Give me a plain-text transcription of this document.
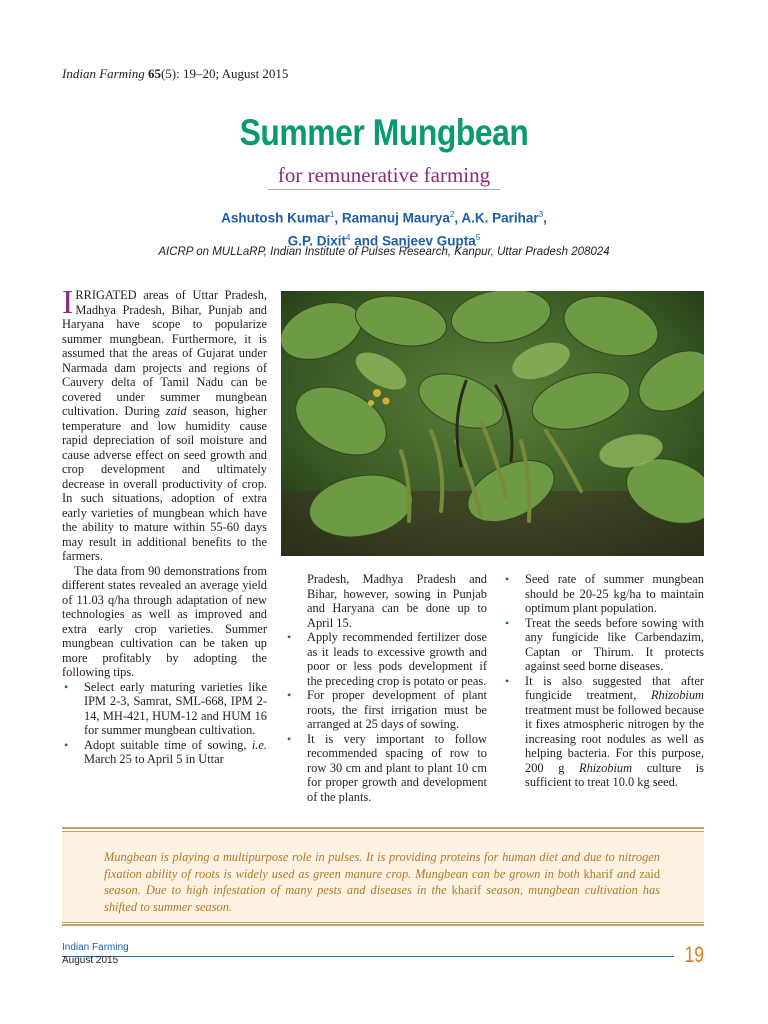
Indian Farming 65(5): 19–20; August 2015
Summer Mungbean
for remunerative farming
Ashutosh Kumar$^1$, Ramanuj Maurya$^2$, A.K. Parihar$^3$,
G.P. Dixit$^4$ and Sanjeev Gupta$^5$
AICRP on MULLaRP, Indian Institute of Pulses Research, Kanpur, Uttar Pradesh 208024

IRRIGATED areas of Uttar Pradesh, Madhya Pradesh, Bihar, Punjab and Haryana have scope to popularize summer mungbean. Furthermore, it is assumed that the areas of Gujarat under Narmada dam projects and regions of Cauvery delta of Tamil Nadu can be covered under summer mungbean cultivation. During zaid season, higher temperature and low humidity cause rapid depreciation of soil moisture and cause adverse effect on seed growth and crop development and ultimately decrease in overall productivity of crop. In such situations, adoption of extra early varieties of mungbean which have the ability to mature within 55-60 days may result in additional benefits to the farmers.

The data from 90 demonstrations from different states revealed an average yield of 11.03 q/ha through adaptation of new technologies as well as improved and extra early crop varieties. Summer mungbean cultivation can be taken up more profitably by adopting the following tips.

• Select early maturing varieties like IPM 2-3, Samrat, SML-668, IPM 2-14, MH-421, HUM-12 and HUM 16 for summer mungbean cultivation.
• Adopt suitable time of sowing, i.e. March 25 to April 5 in Uttar

Pradesh, Madhya Pradesh and Bihar, however, sowing in Punjab and Haryana can be done up to April 15.

• Apply recommended fertilizer dose as it leads to excessive growth and poor or less pods development if the preceding crop is potato or peas.
• For proper development of plant roots, the first irrigation must be arranged at 25 days of sowing.
• It is very important to follow recommended spacing of row to row 30 cm and plant to plant 10 cm for proper growth and development of the plants.
• Seed rate of summer mungbean should be 20-25 kg/ha to maintain optimum plant population.
• Treat the seeds before sowing with any fungicide like Carbendazim, Captan or Thirum. It protects against seed borne diseases.
• It is also suggested that after fungicide treatment, Rhizobium treatment must be followed because it fixes atmospheric nitrogen by the increasing root nodules as well as helping bacteria. For this purpose, 200 g Rhizobium culture is sufficient to treat 10.0 kg seed.
Mungbean is playing a multipurpose role in pulses. It is providing proteins for human diet and due to nitrogen fixation ability of roots is widely used as green manure crop. Mungbean can be grown in both kharif and zaid season. Due to high infestation of many pests and diseases in the kharif season, mungbean cultivation has shifted to summer season.
Indian Farming
August 2015	19
